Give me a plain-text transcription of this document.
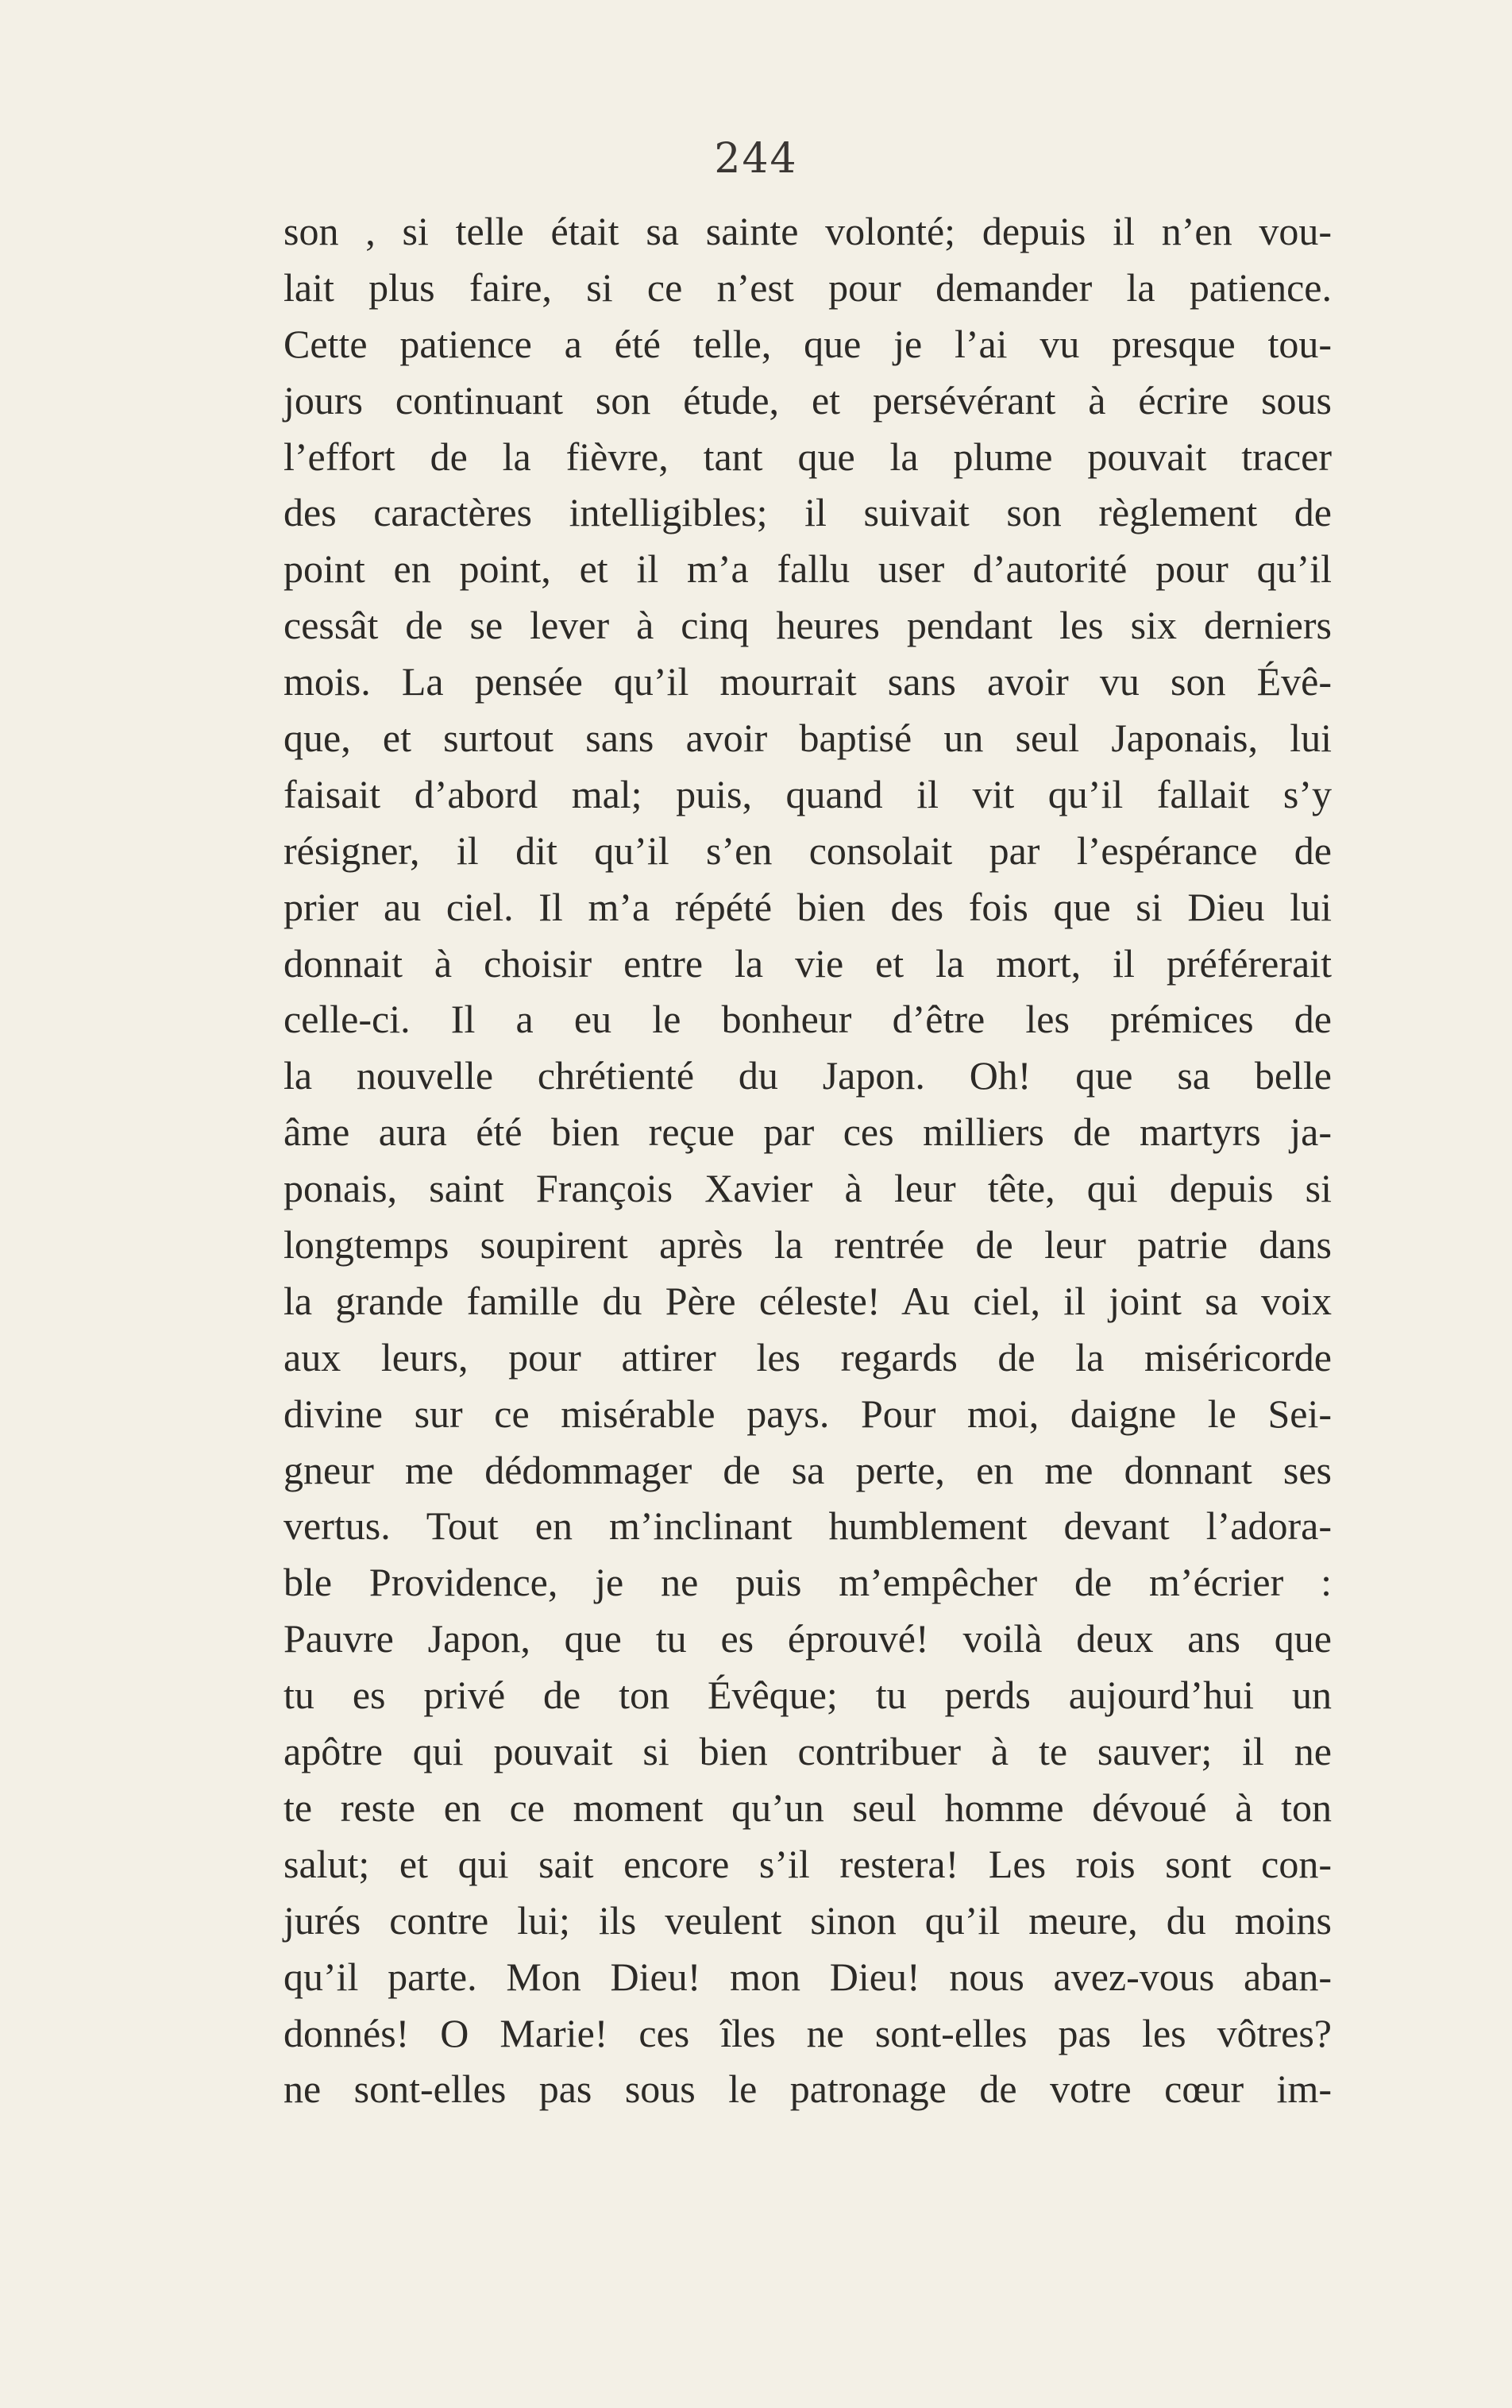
244
son , si telle était sa sainte volonté; depuis il n’en vou-
lait plus faire, si ce n’est pour demander la patience.
Cette patience a été telle, que je l’ai vu presque tou-
jours continuant son étude, et persévérant à écrire sous
l’effort de la fièvre, tant que la plume pouvait tracer
des caractères intelligibles; il suivait son règlement de
point en point, et il m’a fallu user d’autorité pour qu’il
cessât de se lever à cinq heures pendant les six derniers
mois. La pensée qu’il mourrait sans avoir vu son Évê-
que, et surtout sans avoir baptisé un seul Japonais, lui
faisait d’abord mal; puis, quand il vit qu’il fallait s’y
résigner, il dit qu’il s’en consolait par l’espérance de
prier au ciel. Il m’a répété bien des fois que si Dieu lui
donnait à choisir entre la vie et la mort, il préférerait
celle-ci. Il a eu le bonheur d’être les prémices de
la nouvelle chrétienté du Japon. Oh! que sa belle
âme aura été bien reçue par ces milliers de martyrs ja-
ponais, saint François Xavier à leur tête, qui depuis si
longtemps soupirent après la rentrée de leur patrie dans
la grande famille du Père céleste! Au ciel, il joint sa voix
aux leurs, pour attirer les regards de la miséricorde
divine sur ce misérable pays. Pour moi, daigne le Sei-
gneur me dédommager de sa perte, en me donnant ses
vertus. Tout en m’inclinant humblement devant l’adora-
ble Providence, je ne puis m’empêcher de m’écrier :
Pauvre Japon, que tu es éprouvé! voilà deux ans que
tu es privé de ton Évêque; tu perds aujourd’hui un
apôtre qui pouvait si bien contribuer à te sauver; il ne
te reste en ce moment qu’un seul homme dévoué à ton
salut; et qui sait encore s’il restera! Les rois sont con-
jurés contre lui; ils veulent sinon qu’il meure, du moins
qu’il parte. Mon Dieu! mon Dieu! nous avez-vous aban-
donnés! O Marie! ces îles ne sont-elles pas les vôtres?
ne sont-elles pas sous le patronage de votre cœur im-
